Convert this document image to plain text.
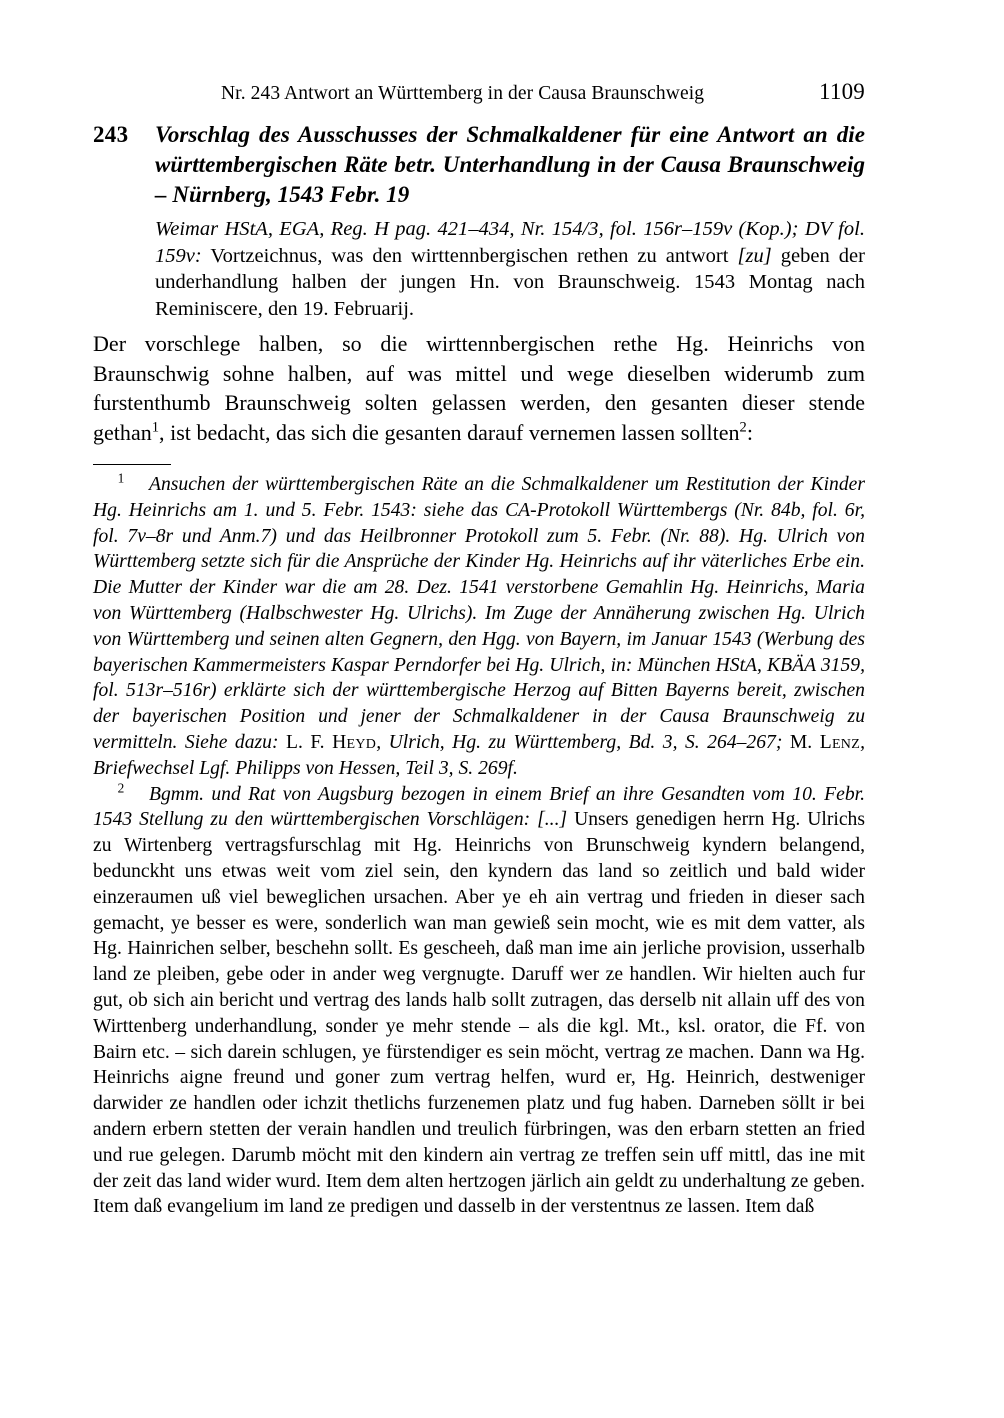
Nr. 243 Antwort an Württemberg in der Causa Braunschweig	1109
243	Vorschlag des Ausschusses der Schmalkaldener für eine Antwort an die
württembergischen Räte betr. Unterhandlung in der Causa Braunschweig
– Nürnberg, 1543 Febr. 19
Weimar HStA, EGA, Reg. H pag. 421–434, Nr. 154/3, fol. 156r–159v (Kop.); DV fol. 159v: Vortzeichnus, was den wirttennbergischen rethen zu antwort [zu] geben der underhandlung halben der jungen Hn. von Braunschweig. 1543 Montag nach Reminiscere, den 19. Februarij.
Der vorschlege halben, so die wirttennbergischen rethe Hg. Heinrichs von Braunschwig sohne halben, auf was mittel und wege dieselben widerumb zum furstenthumb Braunschweig solten gelassen werden, den gesanten dieser stende gethan$^1$, ist bedacht, das sich die gesanten darauf vernemen lassen sollten$^2$:

$^1$ Ansuchen der württembergischen Räte an die Schmalkaldener um Restitution der Kinder Hg. Heinrichs am 1. und 5. Febr. 1543: siehe das CA-Protokoll Württembergs (Nr. 84b, fol. 6r, fol. 7v–8r und Anm.7) und das Heilbronner Protokoll zum 5. Febr. (Nr. 88). Hg. Ulrich von Württemberg setzte sich für die Ansprüche der Kinder Hg. Heinrichs auf ihr väterliches Erbe ein. Die Mutter der Kinder war die am 28. Dez. 1541 verstorbene Gemahlin Hg. Heinrichs, Maria von Württemberg (Halbschwester Hg. Ulrichs). Im Zuge der Annäherung zwischen Hg. Ulrich von Württemberg und seinen alten Gegnern, den Hgg. von Bayern, im Januar 1543 (Werbung des bayerischen Kammermeisters Kaspar Perndorfer bei Hg. Ulrich, in: München HStA, KBÄA 3159, fol. 513r–516r) erklärte sich der württembergische Herzog auf Bitten Bayerns bereit, zwischen der bayerischen Position und jener der Schmalkaldener in der Causa Braunschweig zu vermitteln. Siehe dazu: L. F. Heyd, Ulrich, Hg. zu Württemberg, Bd. 3, S. 264–267; M. Lenz, Briefwechsel Lgf. Philipps von Hessen, Teil 3, S. 269f.

$^2$ Bgmm. und Rat von Augsburg bezogen in einem Brief an ihre Gesandten vom 10. Febr. 1543 Stellung zu den württembergischen Vorschlägen: [...] Unsers genedigen herrn Hg. Ulrichs zu Wirtenberg vertragsfurschlag mit Hg. Heinrichs von Brunschweig kyndern belangend, bedunckht uns etwas weit vom ziel sein, den kyndern das land so zeitlich und bald wider einzeraumen uß viel beweglichen ursachen. Aber ye eh ain vertrag und frieden in dieser sach gemacht, ye besser es were, sonderlich wan man gewieß sein mocht, wie es mit dem vatter, als Hg. Hainrichen selber, beschehn sollt. Es gescheeh, daß man ime ain jerliche provision, usserhalb land ze pleiben, gebe oder in ander weg vergnugte. Daruff wer ze handlen. Wir hielten auch fur gut, ob sich ain bericht und vertrag des lands halb sollt zutragen, das derselb nit allain uff des von Wirttenberg underhandlung, sonder ye mehr stende – als die kgl. Mt., ksl. orator, die Ff. von Bairn etc. – sich darein schlugen, ye fürstendiger es sein möcht, vertrag ze machen. Dann wa Hg. Heinrichs aigne freund und goner zum vertrag helfen, wurd er, Hg. Heinrich, destweniger darwider ze handlen oder ichzit thetlichs furzenemen platz und fug haben. Darneben söllt ir bei andern erbern stetten der verain handlen und treulich fürbringen, was den erbarn stetten an fried und rue gelegen. Darumb möcht mit den kindern ain vertrag ze treffen sein uff mittl, das ine mit der zeit das land wider wurd. Item dem alten hertzogen järlich ain geldt zu underhaltung ze geben. Item daß evangelium im land ze predigen und dasselb in der verstentnus ze lassen. Item daß
